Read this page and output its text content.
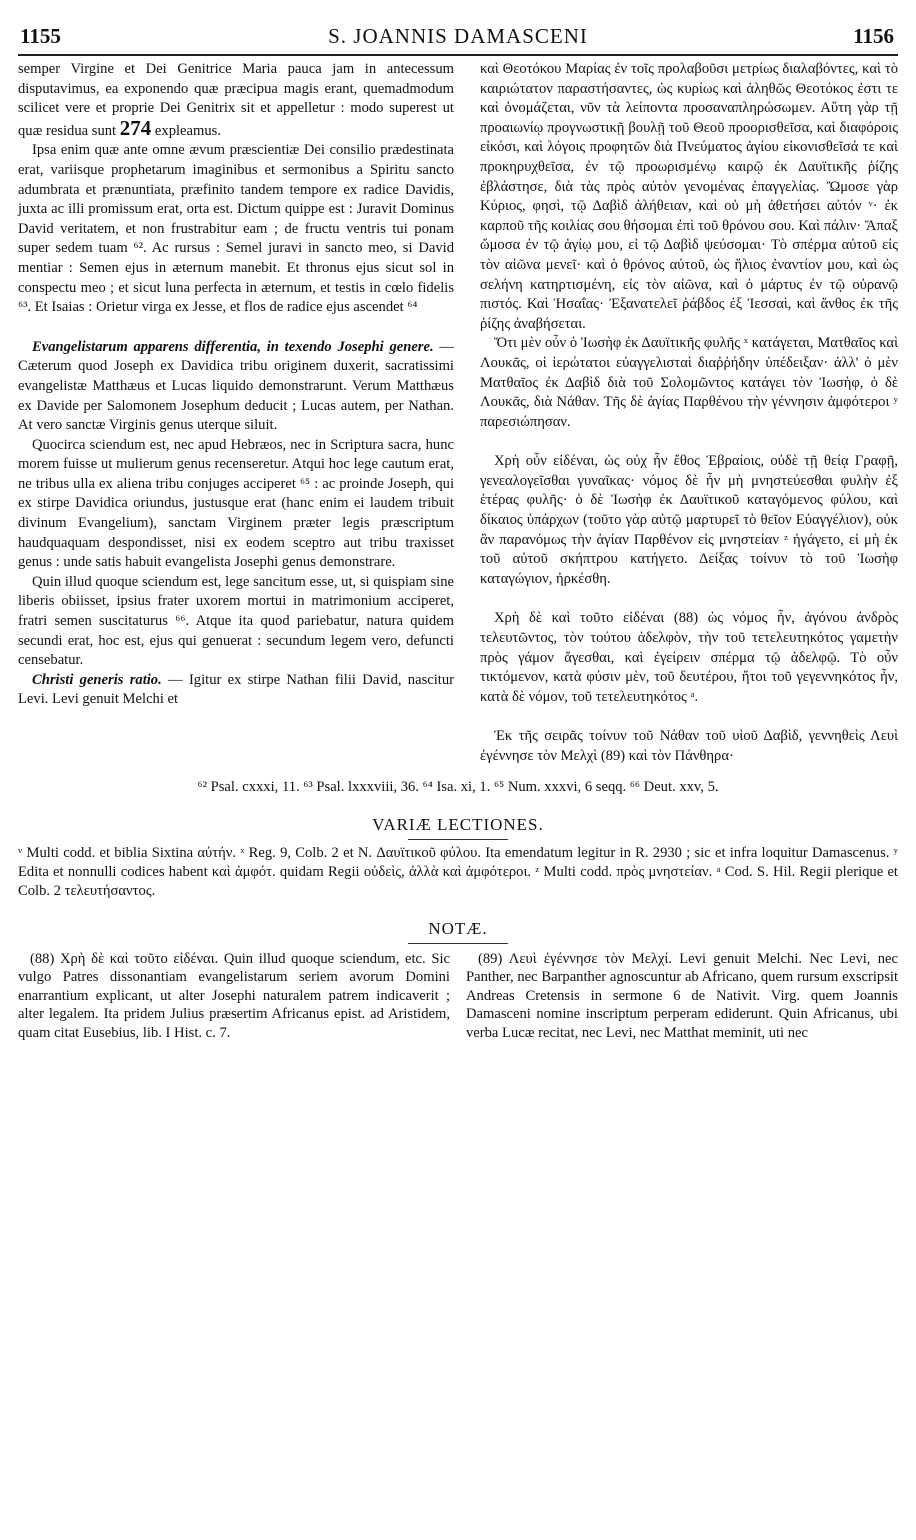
1155	S. JOANNIS DAMASCENI	1156

semper Virgine et Dei Genitrice Maria pauca jam in antecessum disputavimus, ea exponendo quæ præcipua magis erant, quemadmodum scilicet vere et proprie Dei Genitrix sit et appelletur : modo superest ut quæ residua sunt 274 expleamus.

Ipsa enim quæ ante omne ævum præscientiæ Dei consilio prædestinata erat, variisque prophetarum imaginibus et sermonibus a Spiritu sancto adumbrata et prænuntiata, præfinito tandem tempore ex radice Davidis, juxta ac illi promissum erat, orta est. Dictum quippe est : Juravit Dominus David veritatem, et non frustrabitur eam ; de fructu ventris tui ponam super sedem tuam ⁶². Ac rursus : Semel juravi in sancto meo, si David mentiar : Semen ejus in æternum manebit. Et thronus ejus sicut sol in conspectu meo ; et sicut luna perfecta in æternum, et testis in cœlo fidelis ⁶³. Et Isaias : Orietur virga ex Jesse, et flos de radice ejus ascendet ⁶⁴

Evangelistarum apparens differentia, in texendo Josephi genere. — Cæterum quod Joseph ex Davidica tribu originem duxerit, sacratissimi evangelistæ Matthæus et Lucas liquido demonstrarunt. Verum Matthæus ex Davide per Salomonem Josephum deducit ; Lucas autem, per Nathan. At vero sanctæ Virginis genus uterque siluit.

Quocirca sciendum est, nec apud Hebræos, nec in Scriptura sacra, hunc morem fuisse ut mulierum genus recenseretur. Atqui hoc lege cautum erat, ne tribus ulla ex aliena tribu conjuges acciperet ⁶⁵ : ac proinde Joseph, qui ex stirpe Davidica oriundus, justusque erat (hanc enim ei laudem tribuit divinum Evangelium), sanctam Virginem præter legis præscriptum haudquaquam despondisset, nisi ex eodem sceptro aut tribu traxisset genus : unde satis habuit evangelista Josephi genus demonstrare.

Quin illud quoque sciendum est, lege sancitum esse, ut, si quispiam sine liberis obiisset, ipsius frater uxorem mortui in matrimonium acciperet, fratri semen suscitaturus ⁶⁶. Atque ita quod pariebatur, natura quidem secundi erat, hoc est, ejus qui genuerat : secundum legem vero, defuncti censebatur.

Christi generis ratio. — Igitur ex stirpe Nathan filii David, nascitur Levi. Levi genuit Melchi et

καὶ Θεοτόκου Μαρίας ἐν τοῖς προλαβοῦσι μετρίως διαλαβόντες, καὶ τὸ καιριώτατον παραστήσαντες, ὡς κυρίως καὶ ἀληθῶς Θεοτόκος ἐστι τε καὶ ὀνομάζεται, νῦν τὰ λείποντα προσαναπληρώσωμεν. Αὕτη γὰρ τῇ προαιωνίῳ προγνωστικῇ βουλῇ τοῦ Θεοῦ προορισθεῖσα, καὶ διαφόροις εἰκόσι, καὶ λόγοις προφητῶν διὰ Πνεύματος ἁγίου εἰκονισθεῖσά τε καὶ προκηρυχθεῖσα, ἐν τῷ προωρισμένῳ καιρῷ ἐκ Δαυϊτικῆς ῥίζης ἐβλάστησε, διὰ τὰς πρὸς αὐτὸν γενομένας ἐπαγγελίας. Ὤμοσε γὰρ Κύριος, φησὶ, τῷ Δαβὶδ ἀλήθειαν, καὶ οὐ μὴ ἀθετήσει αὐτόν ᵛ· ἐκ καρποῦ τῆς κοιλίας σου θήσομαι ἐπὶ τοῦ θρόνου σου. Καὶ πάλιν· Ἅπαξ ὤμοσα ἐν τῷ ἁγίῳ μου, εἰ τῷ Δαβὶδ ψεύσομαι· Τὸ σπέρμα αὐτοῦ εἰς τὸν αἰῶνα μενεῖ· καὶ ὁ θρόνος αὐτοῦ, ὡς ἥλιος ἐναντίον μου, καὶ ὡς σελήνη κατηρτισμένη, εἰς τὸν αἰῶνα, καὶ ὁ μάρτυς ἐν τῷ οὐρανῷ πιστός. Καὶ Ἡσαΐας· Ἐξανατελεῖ ῥάβδος ἐξ Ἰεσσαὶ, καὶ ἄνθος ἐκ τῆς ῥίζης ἀναβήσεται.

Ὅτι μὲν οὖν ὁ Ἰωσὴφ ἐκ Δαυϊτικῆς φυλῆς ˣ κατάγεται, Ματθαῖος καὶ Λουκᾶς, οἱ ἱερώτατοι εὐαγγελισταὶ διαῤῥήδην ὑπέδειξαν· ἀλλ' ὁ μὲν Ματθαῖος ἐκ Δαβὶδ διὰ τοῦ Σολομῶντος κατάγει τὸν Ἰωσὴφ, ὁ δὲ Λουκᾶς, διὰ Νάθαν. Τῆς δὲ ἁγίας Παρθένου τὴν γέννησιν ἀμφότεροι ʸ παρεσιώπησαν.

Χρὴ οὖν εἰδέναι, ὡς οὐχ ἦν ἔθος Ἑβραίοις, οὐδὲ τῇ θείᾳ Γραφῇ, γενεαλογεῖσθαι γυναῖκας· νόμος δὲ ἦν μὴ μνηστεύεσθαι φυλὴν ἐξ ἑτέρας φυλῆς· ὁ δὲ Ἰωσὴφ ἐκ Δαυϊτικοῦ καταγόμενος φύλου, καὶ δίκαιος ὑπάρχων (τοῦτο γὰρ αὐτῷ μαρτυρεῖ τὸ θεῖον Εὐαγγέλιον), οὐκ ἂν παρανόμως τὴν ἁγίαν Παρθένον εἰς μνηστείαν ᶻ ἠγάγετο, εἰ μὴ ἐκ τοῦ αὐτοῦ σκήπτρου κατήγετο. Δείξας τοίνυν τὸ τοῦ Ἰωσὴφ καταγώγιον, ἠρκέσθη.

Χρὴ δὲ καὶ τοῦτο εἰδέναι (88) ὡς νόμος ἦν, ἀγόνου ἀνδρὸς τελευτῶντος, τὸν τούτου ἀδελφὸν, τὴν τοῦ τετελευτηκότος γαμετὴν πρὸς γάμον ἄγεσθαι, καὶ ἐγείρειν σπέρμα τῷ ἀδελφῷ. Τὸ οὖν τικτόμενον, κατὰ φύσιν μὲν, τοῦ δευτέρου, ἤτοι τοῦ γεγεννηκότος ἦν, κατὰ δὲ νόμον, τοῦ τετελευτηκότος ᵃ.

Ἐκ τῆς σειρᾶς τοίνυν τοῦ Νάθαν τοῦ υἱοῦ Δαβὶδ, γεννηθεὶς Λευὶ ἐγέννησε τὸν Μελχὶ (89) καὶ τὸν Πάνθηρα·

⁶² Psal. cxxxi, 11. ⁶³ Psal. lxxxviii, 36. ⁶⁴ Isa. xi, 1. ⁶⁵ Num. xxxvi, 6 seqq. ⁶⁶ Deut. xxv, 5.
VARIÆ LECTIONES.
ᵛ Multi codd. et biblia Sixtina αὐτήν. ˣ Reg. 9, Colb. 2 et N. Δαυϊτικοῦ φύλου. Ita emendatum legitur in R. 2930 ; sic et infra loquitur Damascenus. ʸ Edita et nonnulli codices habent καὶ ἀμφότ. quidam Regii οὐδεὶς, ἀλλὰ καὶ ἀμφότεροι. ᶻ Multi codd. πρὸς μνηστείαν. ᵃ Cod. S. Hil. Regii plerique et Colb. 2 τελευτήσαντος.
NOTÆ.
(88) Χρὴ δὲ καὶ τοῦτο εἰδέναι. Quin illud quoque sciendum, etc. Sic vulgo Patres dissonantiam evangelistarum seriem avorum Domini enarrantium explicant, ut alter Josephi naturalem patrem indicaverit ; alter legalem. Ita pridem Julius præsertim Africanus epist. ad Aristidem, quam citat Eusebius, lib. I Hist. c. 7.
(89) Λευὶ ἐγέννησε τὸν Μελχί. Levi genuit Melchi. Nec Levi, nec Panther, nec Barpanther agnoscuntur ab Africano, quem rursum exscripsit Andreas Cretensis in sermone 6 de Nativit. Virg. quem Joannis Damasceni nomine inscriptum perperam ediderunt. Quin Africanus, ubi verba Lucæ recitat, nec Levi, nec Matthat meminit, uti nec
